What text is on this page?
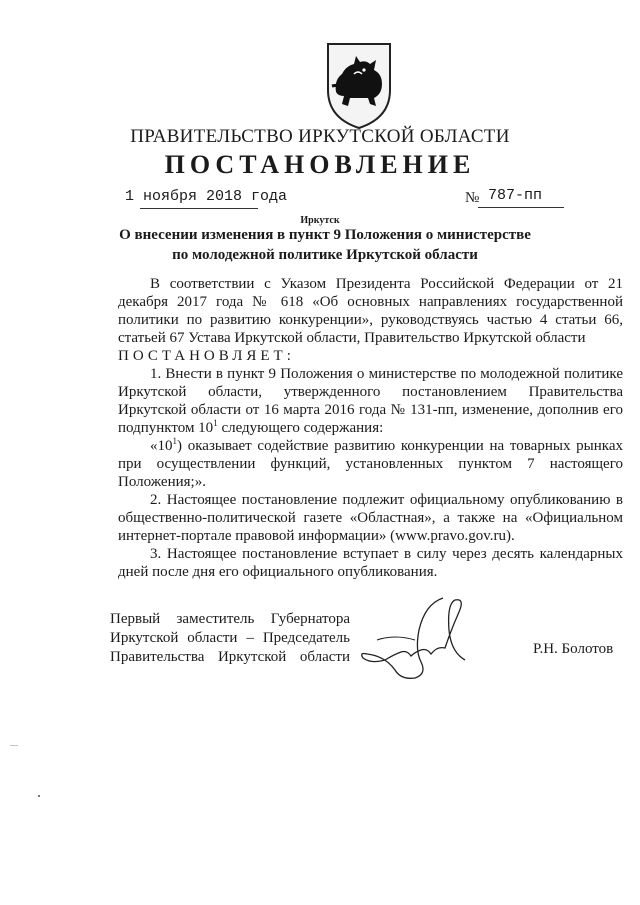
ПРАВИТЕЛЬСТВО ИРКУТСКОЙ ОБЛАСТИ
ПОСТАНОВЛЕНИЕ
1 ноября 2018 года	№ 787-пп
Иркутск
О внесении изменения в пункт 9 Положения о министерстве по молодежной политике Иркутской области

В соответствии с Указом Президента Российской Федерации от 21 декабря 2017 года № 618 «Об основных направлениях государственной политики по развитию конкуренции», руководствуясь частью 4 статьи 66, статьей 67 Устава Иркутской области, Правительство Иркутской области

ПОСТАНОВЛЯЕТ:

1. Внести в пункт 9 Положения о министерстве по молодежной политике Иркутской области, утвержденного постановлением Правительства Иркутской области от 16 марта 2016 года № 131-пп, изменение, дополнив его подпунктом $10^1$ следующего содержания:

«$10^1$) оказывает содействие развитию конкуренции на товарных рынках при осуществлении функций, установленных пунктом 7 настоящего Положения;».

2. Настоящее постановление подлежит официальному опубликованию в общественно-политической газете «Областная», а также на «Официальном интернет-портале правовой информации» (www.pravo.gov.ru).

3. Настоящее постановление вступает в силу через десять календарных дней после дня его официального опубликования.

Первый заместитель Губернатора
Иркутской области – Председатель
Правительства Иркутской области	Р.Н. Болотов
—
